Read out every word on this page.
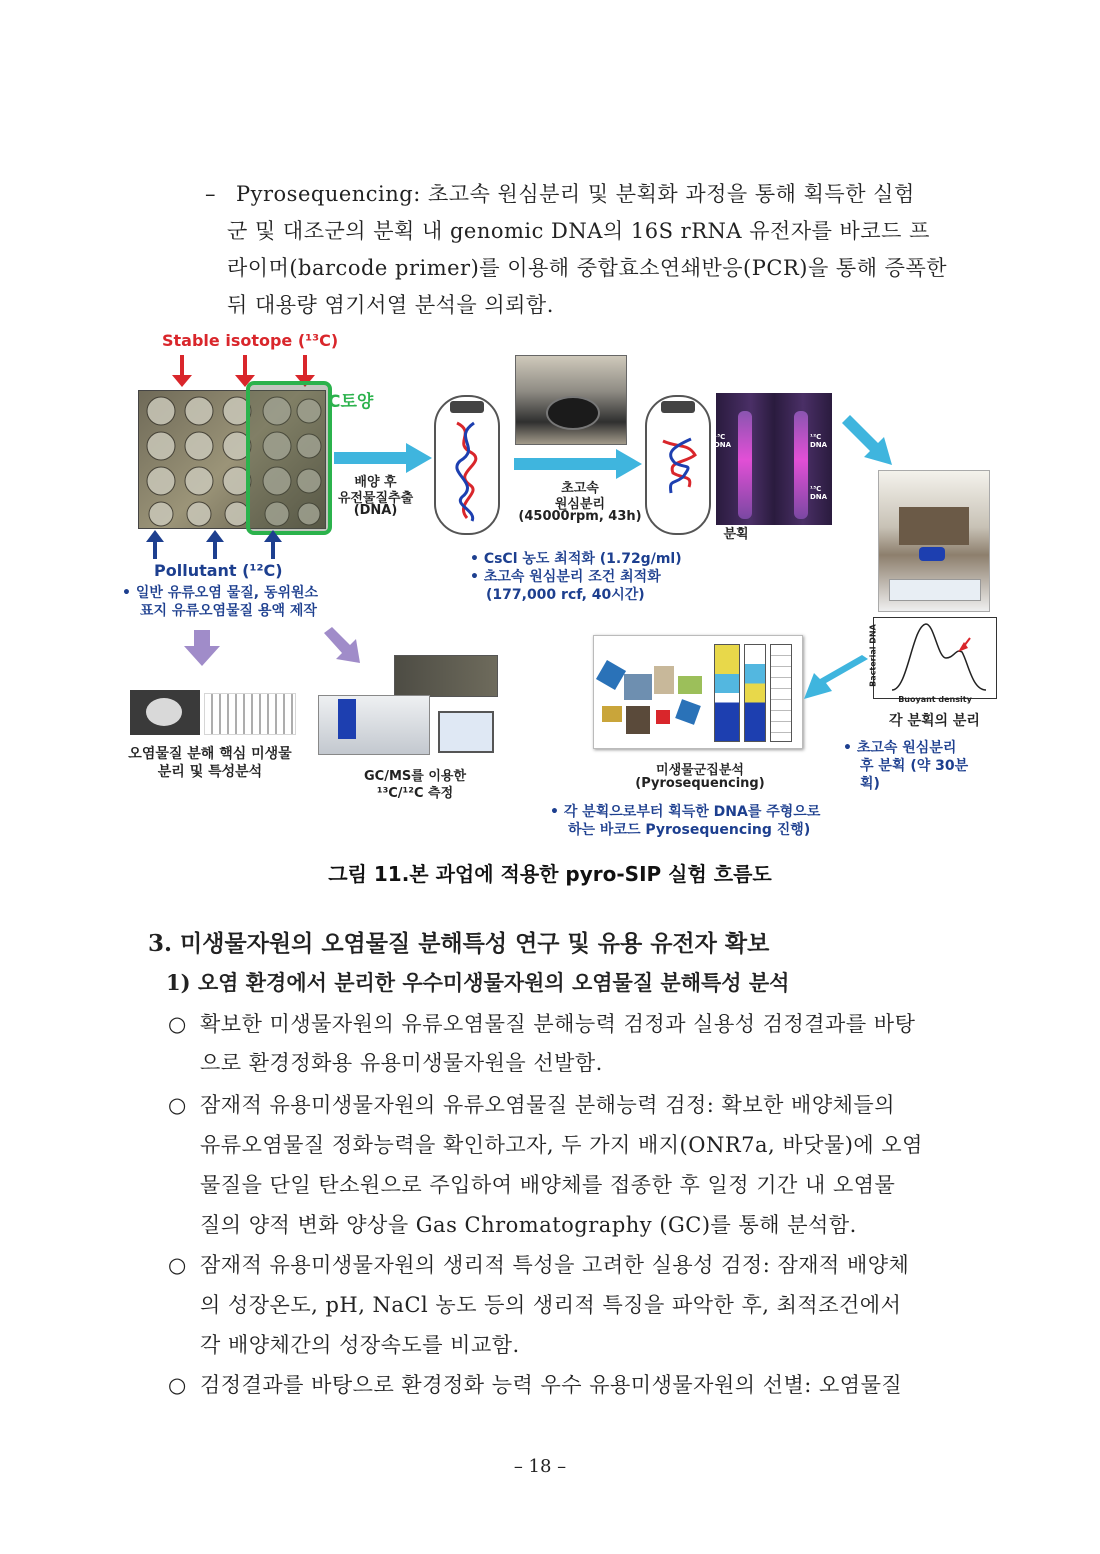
– Pyrosequencing: 초고속 원심분리 및 분획화 과정을 통해 획득한 실험
군 및 대조군의 분획 내 genomic DNA의 16S rRNA 유전자를 바코드 프
라이머(barcode primer)를 이용해 중합효소연쇄반응(PCR)을 통해 증폭한
뒤 대용량 염기서열 분석을 의뢰함.
Stable isotope (¹³C)
C토양
Pollutant (¹²C)
• 일반 유류오염 물질, 동위원소
표지 유류오염물질 용액 제작
배양 후
유전물질추출
(DNA)
초고속
원심분리
(45000rpm, 43h)
¹³C DNA
¹²C DNA
¹³C DNA
분획
• CsCl 농도 최적화 (1.72g/ml)
• 초고속 원심분리 조건 최적화
(177,000 rcf, 40시간)
오염물질 분해 핵심 미생물
분리 및 특성분석	GC/MS를 이용한
¹³C/¹²C 측정
미생물군집분석
(Pyrosequencing)
• 각 분획으로부터 획득한 DNA를 주형으로
하는 바코드 Pyrosequencing 진행)
Bacterial DNA
Buoyant density
각 분획의 분리
• 초고속 원심분리
후 분획 (약 30분
획)
그림 11.본 과업에 적용한 pyro-SIP 실험 흐름도
3. 미생물자원의 오염물질 분해특성 연구 및 유용 유전자 확보
1) 오염 환경에서 분리한 우수미생물자원의 오염물질 분해특성 분석
○ 확보한 미생물자원의 유류오염물질 분해능력 검정과 실용성 검정결과를 바탕
으로 환경정화용 유용미생물자원을 선발함.
○ 잠재적 유용미생물자원의 유류오염물질 분해능력 검정: 확보한 배양체들의
유류오염물질 정화능력을 확인하고자, 두 가지 배지(ONR7a, 바닷물)에 오염
물질을 단일 탄소원으로 주입하여 배양체를 접종한 후 일정 기간 내 오염물
질의 양적 변화 양상을 Gas Chromatography (GC)를 통해 분석함.
○ 잠재적 유용미생물자원의 생리적 특성을 고려한 실용성 검정: 잠재적 배양체
의 성장온도, pH, NaCl 농도 등의 생리적 특징을 파악한 후, 최적조건에서
각 배양체간의 성장속도를 비교함.
○ 검정결과를 바탕으로 환경정화 능력 우수 유용미생물자원의 선별: 오염물질
– 18 –
